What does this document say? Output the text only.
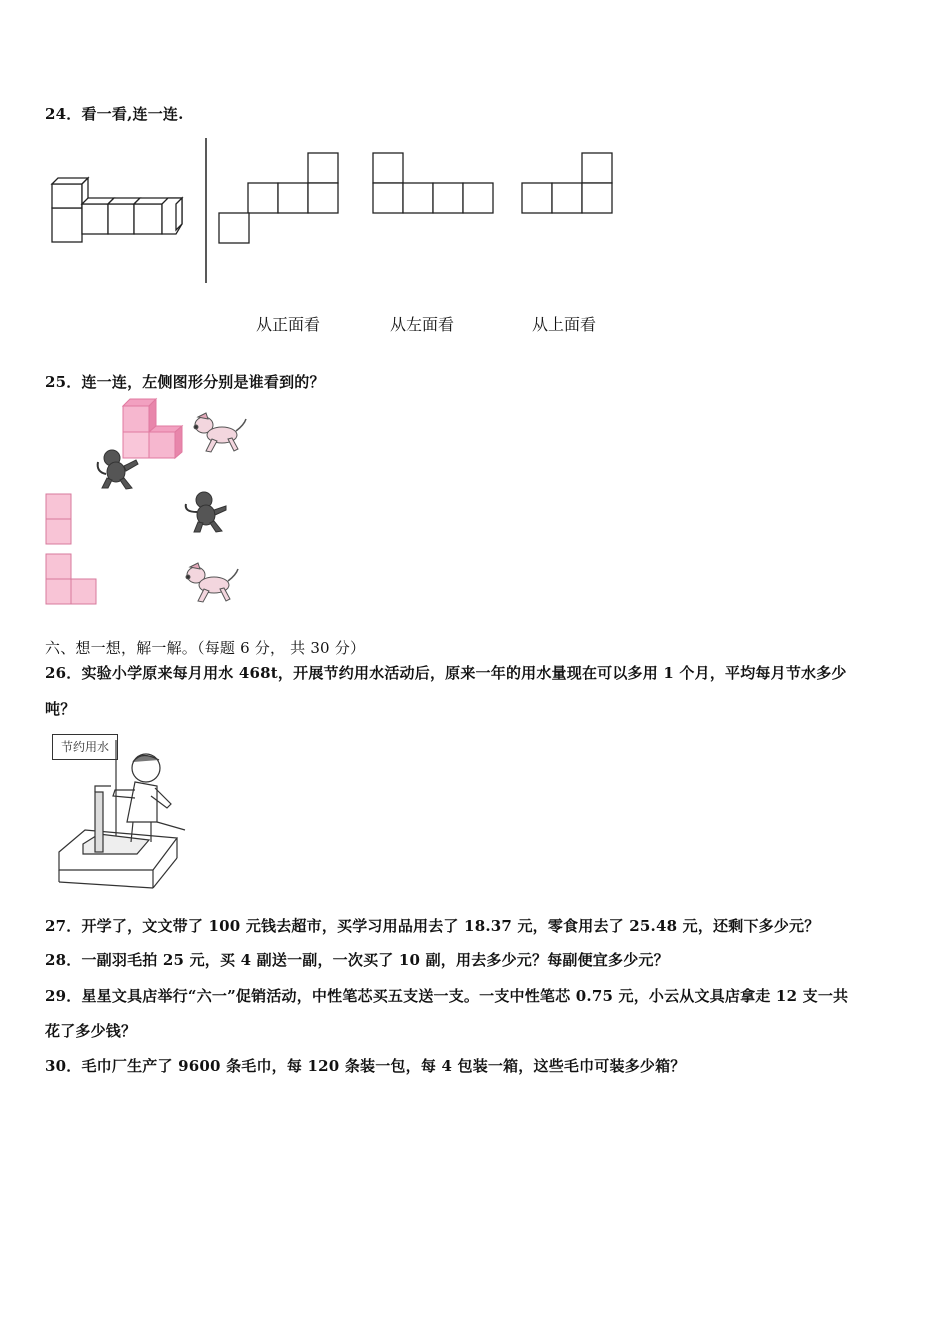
24．看一看,连一连.
从正面看	从左面看	从上面看
25．连一连，左侧图形分别是谁看到的？
六、想一想，解一解。（每题 6 分， 共 30 分）
26．实验小学原来每月用水 468t，开展节约用水活动后，原来一年的用水量现在可以多用 1 个月，平均每月节水多少
吨？
节约用水
27．开学了，文文带了 100 元钱去超市，买学习用品用去了 18.37 元，零食用去了 25.48 元，还剩下多少元？
28．一副羽毛拍 25 元，买 4 副送一副，一次买了 10 副，用去多少元？每副便宜多少元？
29．星星文具店举行“六一”促销活动，中性笔芯买五支送一支。一支中性笔芯 0.75 元，小云从文具店拿走 12 支一共
花了多少钱？
30．毛巾厂生产了 9600 条毛巾，每 120 条装一包，每 4 包装一箱，这些毛巾可装多少箱？
